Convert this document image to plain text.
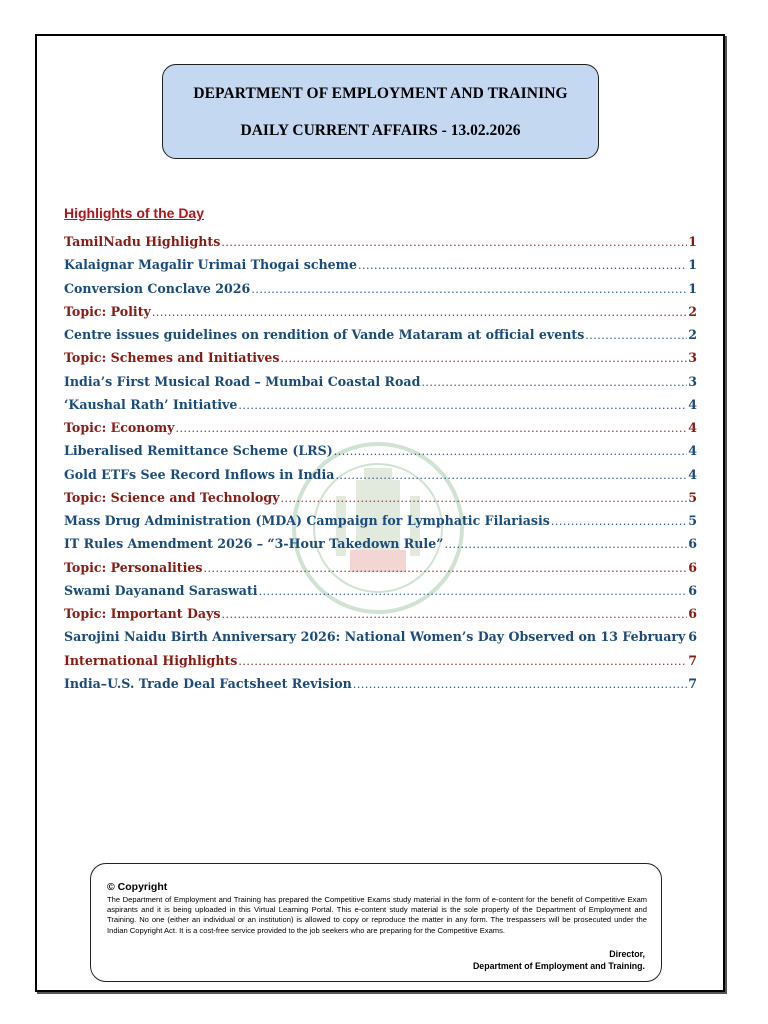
DEPARTMENT OF EMPLOYMENT AND TRAINING
DAILY CURRENT AFFAIRS - 13.02.2026
Highlights of the Day
TamilNadu Highlights .....	1
Kalaignar Magalir Urimai Thogai scheme .....	1
Conversion Conclave 2026 .....	1
Topic: Polity .....	2
Centre issues guidelines on rendition of Vande Mataram at official events .....	2
Topic: Schemes and Initiatives .....	3
India’s First Musical Road – Mumbai Coastal Road .....	3
‘Kaushal Rath’ Initiative .....	4
Topic: Economy .....	4
Liberalised Remittance Scheme (LRS) .....	4
Gold ETFs See Record Inflows in India .....	4
Topic: Science and Technology .....	5
Mass Drug Administration (MDA) Campaign for Lymphatic Filariasis .....	5
IT Rules Amendment 2026 – “3-Hour Takedown Rule” .....	6
Topic: Personalities .....	6
Swami Dayanand Saraswati .....	6
Topic: Important Days .....	6
Sarojini Naidu Birth Anniversary 2026: National Women’s Day Observed on 13 February ..... 6
International Highlights .....	7
India–U.S. Trade Deal Factsheet Revision .....	7
© Copyright
The Department of Employment and Training has prepared the Competitive Exams study material in the form of e-content for the benefit of Competitive Exam aspirants and it is being uploaded in this Virtual Learning Portal. This e-content study material is the sole property of the Department of Employment and Training. No one (either an individual or an institution) is allowed to copy or reproduce the matter in any form. The trespassers will be prosecuted under the Indian Copyright Act. It is a cost-free service provided to the job seekers who are preparing for the Competitive Exams.
Director,
Department of Employment and Training.
